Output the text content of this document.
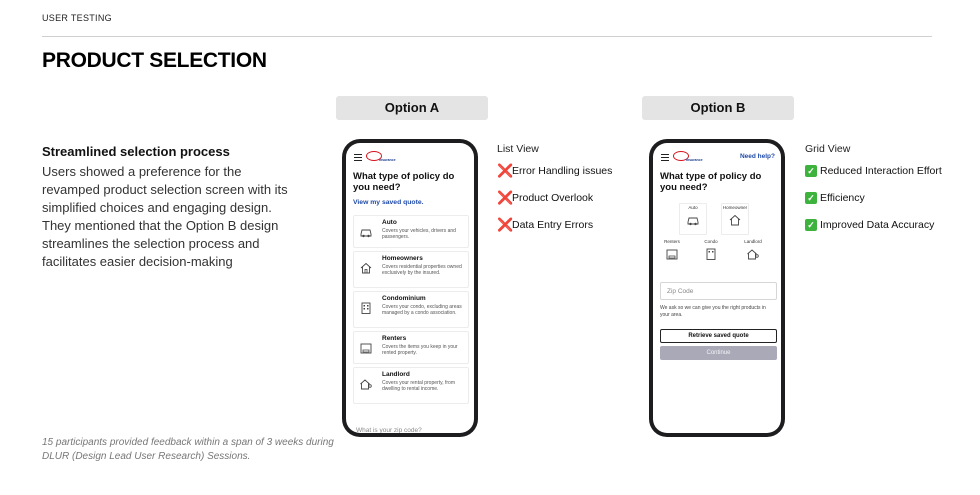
USER TESTING
PRODUCT SELECTION
Streamlined selection process

Users showed a preference for the revamped product selection screen with its simplified choices and engaging design. They mentioned that the Option B design streamlines the selection process and facilitates easier decision-making

15 participants provided feedback within a span of 3 weeks during DLUR (Design Lead User Research) Sessions.
Option A
Insurance
What type of policy do you need?
View my saved quote.
Auto
Covers your vehicles, drivers and passengers.
Homeowners
Covers residential properties owned exclusively by the insured.
Condominium
Covers your condo, excluding areas managed by a condo association.
Renters
Covers the items you keep in your rented property.
Landlord
Covers your rental property, from dwelling to rental income.
What is your zip code?
List View
❌
Error Handling issues
❌
Product Overlook
❌
Data Entry Errors
Option B
Insurance	Need help?
What type of policy do you need?
Auto	Homeowner
Renters	Condo	Landlord
Zip Code
We ask so we can give you the right products in your area.
Retrieve saved quote
Continue
Grid View
✓ Reduced Interaction Effort
✓ Efficiency
✓ Improved Data Accuracy
